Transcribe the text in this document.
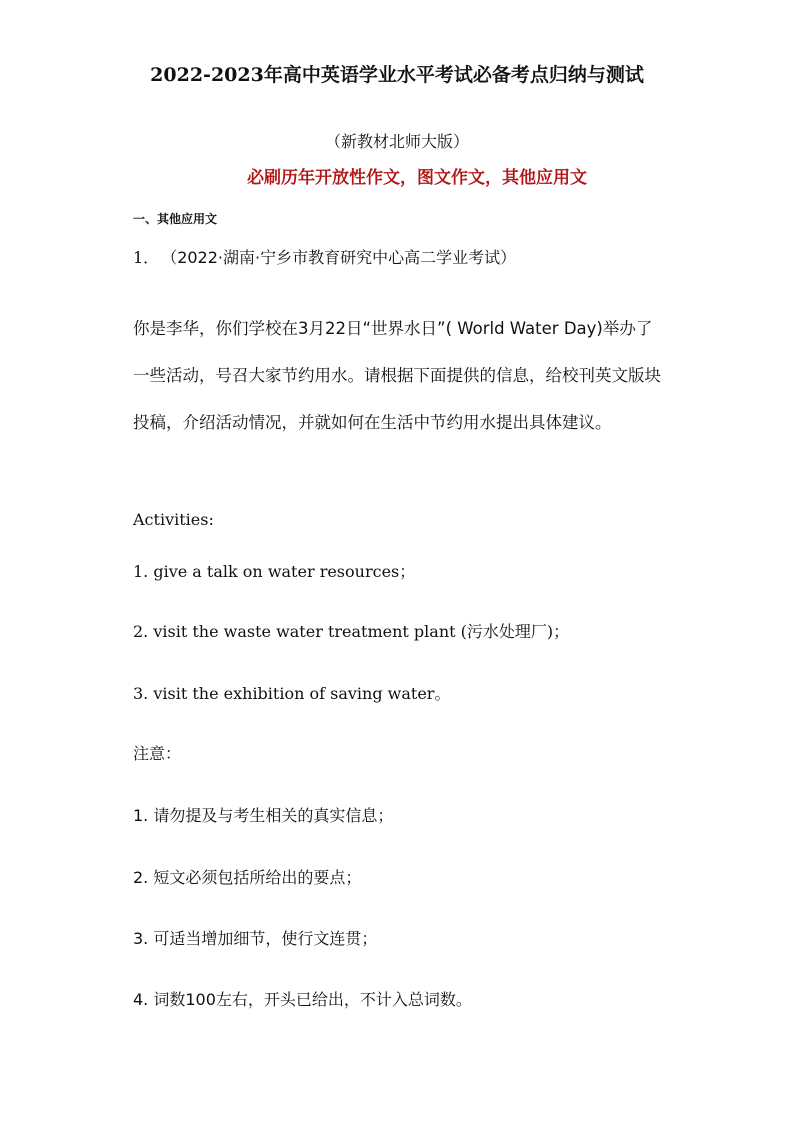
2022-2023年高中英语学业水平考试必备考点归纳与测试
（新教材北师大版）
必刷历年开放性作文，图文作文，其他应用文
一、其他应用文
1． （2022·湖南·宁乡市教育研究中心高二学业考试）
你是李华，你们学校在3月22日“世界水日”( World Water Day)举办了一些活动，号召大家节约用水。请根据下面提供的信息，给校刊英文版块投稿，介绍活动情况，并就如何在生活中节约用水提出具体建议。
Activities:
1. give a talk on water resources；
2. visit the waste water treatment plant (污水处理厂)；
3. visit the exhibition of saving water。
注意：
1. 请勿提及与考生相关的真实信息；
2. 短文必须包括所给出的要点；
3. 可适当增加细节，使行文连贯；
4. 词数100左右，开头已给出，不计入总词数。
